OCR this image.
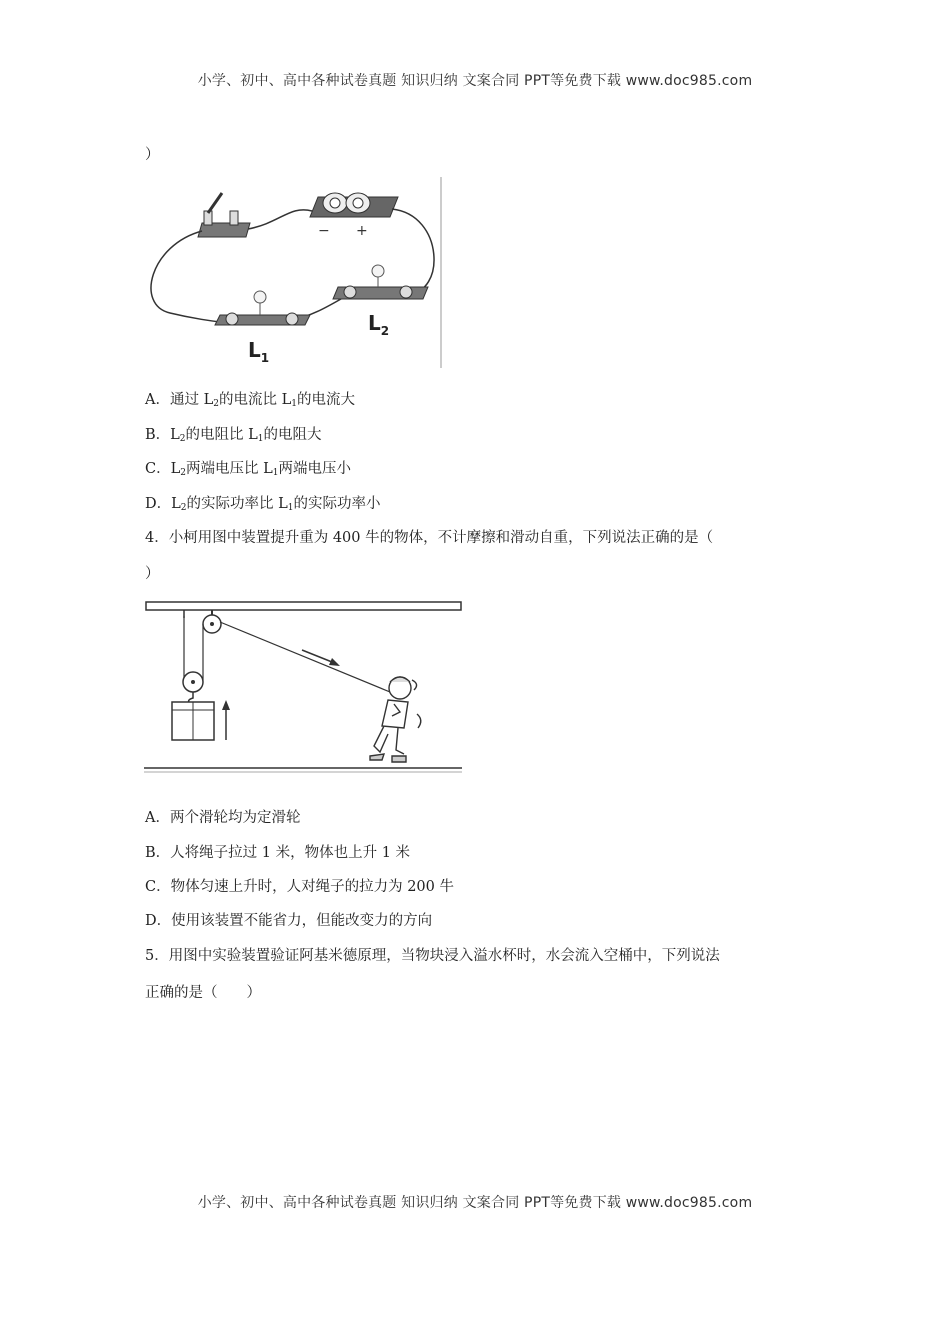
小学、初中、高中各种试卷真题 知识归纳 文案合同 PPT等免费下载 www.doc985.com
）
− +
$L_1$
$L_2$
A．通过 $L_2$的电流比 $L_1$的电流大
B．$L_2$的电阻比 $L_1$的电阻大
C．$L_2$两端电压比 $L_1$两端电压小
D．$L_2$的实际功率比 $L_1$的实际功率小
4．小柯用图中装置提升重为 400 牛的物体，不计摩擦和滑动自重，下列说法正确的是（
）
A．两个滑轮均为定滑轮
B．人将绳子拉过 1 米，物体也上升 1 米
C．物体匀速上升时，人对绳子的拉力为 200 牛
D．使用该装置不能省力，但能改变力的方向
5．用图中实验装置验证阿基米德原理，当物块浸入溢水杯时，水会流入空桶中，下列说法
正确的是（　　）
小学、初中、高中各种试卷真题 知识归纳 文案合同 PPT等免费下载 www.doc985.com
